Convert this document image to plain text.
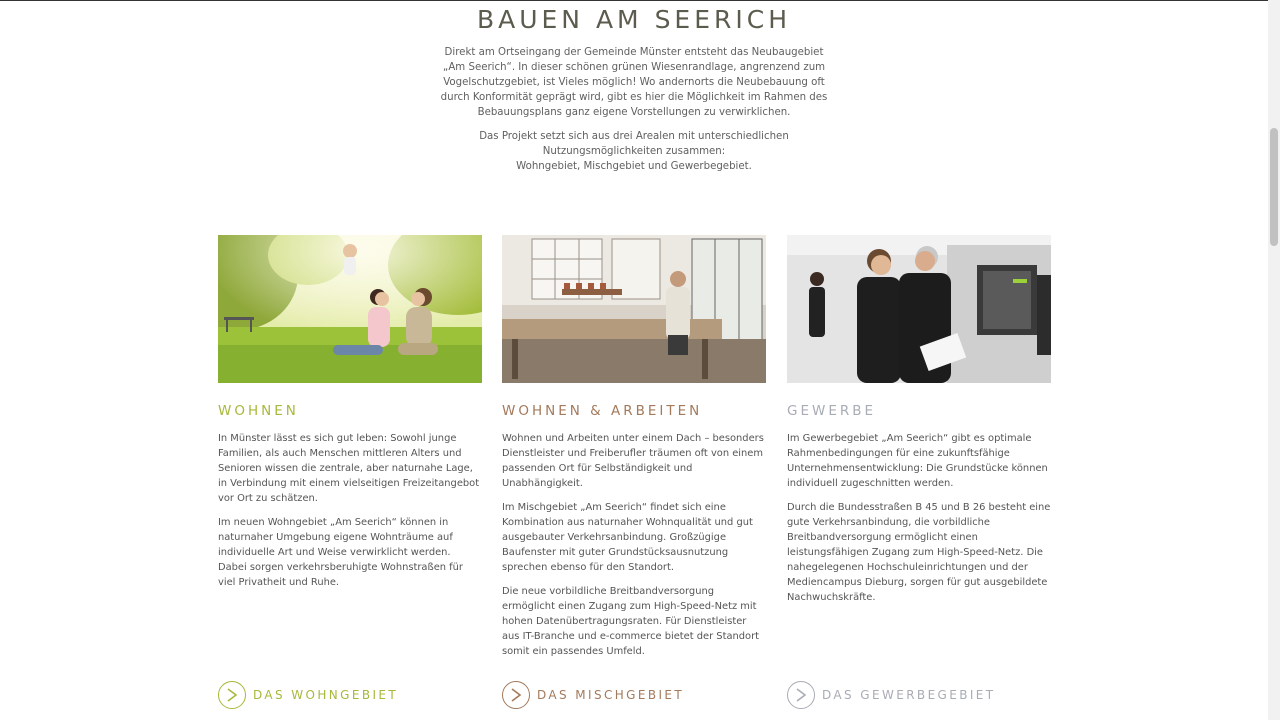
BAUEN AM SEERICH

Direkt am Ortseingang der Gemeinde Münster entsteht das Neubaugebiet „Am Seerich“. In dieser schönen grünen Wiesenrandlage, angrenzend zum Vogelschutzgebiet, ist Vieles möglich! Wo andernorts die Neubebauung oft durch Konformität geprägt wird, gibt es hier die Möglichkeit im Rahmen des Bebauungsplans ganz eigene Vorstellungen zu verwirklichen.

Das Projekt setzt sich aus drei Arealen mit unterschiedlichen Nutzungsmöglichkeiten zusammen:
Wohngebiet, Mischgebiet und Gewerbegebiet.

WOHNEN

In Münster lässt es sich gut leben: Sowohl junge Familien, als auch Menschen mittleren Alters und Senioren wissen die zentrale, aber naturnahe Lage, in Verbindung mit einem vielseitigen Freizeitangebot vor Ort zu schätzen.

Im neuen Wohngebiet „Am Seerich“ können in naturnaher Umgebung eigene Wohnträume auf individuelle Art und Weise verwirklicht werden. Dabei sorgen verkehrsberuhigte Wohnstraßen für viel Privatheit und Ruhe.

WOHNEN & ARBEITEN

Wohnen und Arbeiten unter einem Dach – besonders Dienstleister und Freiberufler träumen oft von einem passenden Ort für Selbständigkeit und Unabhängigkeit.

Im Mischgebiet „Am Seerich“ findet sich eine Kombination aus naturnaher Wohnqualität und gut ausgebauter Verkehrsanbindung. Großzügige Baufenster mit guter Grundstücksausnutzung sprechen ebenso für den Standort.

Die neue vorbildliche Breitbandversorgung ermöglicht einen Zugang zum High-Speed-Netz mit hohen Datenübertragungsraten. Für Dienstleister aus IT-Branche und e-commerce bietet der Standort somit ein passendes Umfeld.

GEWERBE

Im Gewerbegebiet „Am Seerich“ gibt es optimale Rahmenbedingungen für eine zukunftsfähige Unternehmensentwicklung: Die Grundstücke können individuell zugeschnitten werden.

Durch die Bundesstraßen B 45 und B 26 besteht eine gute Verkehrsanbindung, die vorbildliche Breitbandversorgung ermöglicht einen leistungsfähigen Zugang zum High-Speed-Netz. Die nahegelegenen Hochschuleinrichtungen und der Mediencampus Dieburg, sorgen für gut ausgebildete Nachwuchskräfte.

DAS WOHNGEBIET	DAS MISCHGEBIET	DAS GEWERBEGEBIET
